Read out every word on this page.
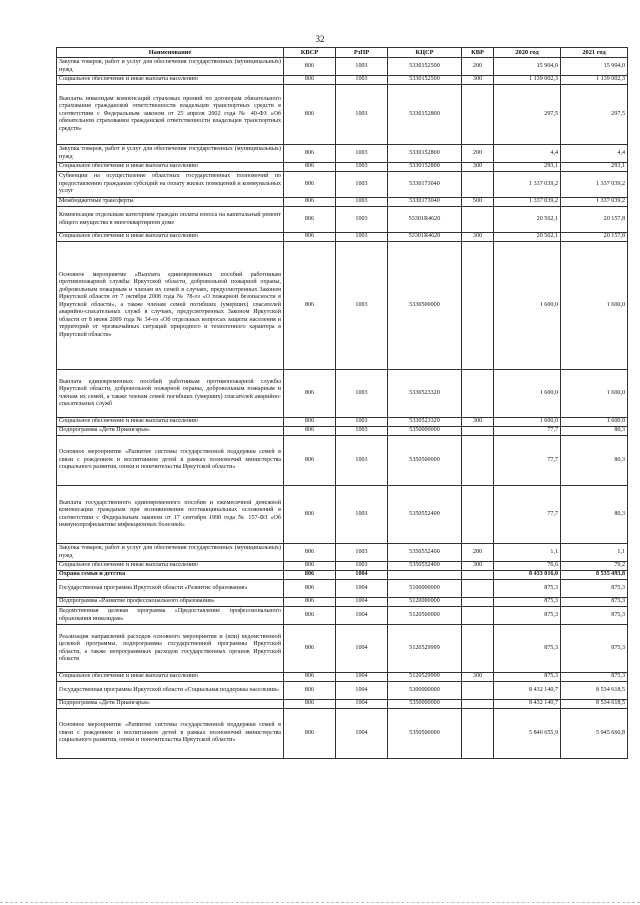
32
Наименование	КВСР	РзПР	КЦСР	КВР	2020 год	2021 год
Закупка товаров, работ и услуг для обеспечения государственных (муниципальных) нужд	806	1003	5330152500	200	15 904,0	15 904,0
Социальное обеспечение и иные выплаты населению	806	1003	5330152500	300	1 139 002,3	1 139 002,3
Выплаты инвалидам компенсаций страховых премий по договорам обязательного страхования гражданской ответственности владельцев транспортных средств в соответствии с Федеральным законом от 25 апреля 2002 года № 40-ФЗ «Об обязательном страховании гражданской ответственности владельцев транспортных средств»	806	1003	5330152800		297,5	297,5
Закупка товаров, работ и услуг для обеспечения государственных (муниципальных) нужд	806	1003	5330152800	200	4,4	4,4
Социальное обеспечение и иные выплаты населению	806	1003	5330152800	300	293,1	293,1
Субвенции на осуществление областных государственных полномочий по предоставлению гражданам субсидий на оплату жилых помещений и коммунальных услуг	806	1003	5330173040		1 337 039,2	1 337 039,2
Межбюджетные трансферты	806	1003	5330173040	500	1 337 039,2	1 337 039,2
Компенсация отдельным категориям граждан оплаты взноса на капитальный ремонт общего имущества в многоквартирном доме	806	1003	53301R4620		20 562,1	20 157,8
Социальное обеспечение и иные выплаты населению	806	1003	53301R4620	300	20 562,1	20 157,8
Основное мероприятие «Выплата единовременных пособий работникам противопожарной службы Иркутской области, добровольной пожарной охраны, добровольным пожарным и членам их семей в случаях, предусмотренных Законом Иркутской области от 7 октября 2008 года № 78-оз «О пожарной безопасности в Иркутской области», а также членам семей погибших (умерших) спасателей аварийно-спасательных служб в случаях, предусмотренных Законом Иркутской области от 8 июня 2009 года № 34-оз «Об отдельных вопросах защиты населения и территорий от чрезвычайных ситуаций природного и техногенного характера в Иркутской области»	806	1003	5330500000		1 600,0	1 600,0
Выплата единовременных пособий работникам противопожарной службы Иркутской области, добровольной пожарной охраны, добровольным пожарным и членам их семей, а также членам семей погибших (умерших) спасателей аварийно-спасательных служб	806	1003	5330523320		1 600,0	1 600,0
Социальное обеспечение и иные выплаты населению	806	1003	5330523320	300	1 600,0	1 600,0
Подпрограмма «Дети Приангарья»	806	1003	5350000000		77,7	80,3
Основное мероприятие «Развитие системы государственной поддержки семей в связи с рождением и воспитанием детей в рамках полномочий министерства социального развития, опеки и попечительства Иркутской области»	806	1003	5350500000		77,7	80,3
Выплата государственного единовременного пособия и ежемесячной денежной компенсации гражданам при возникновении поствакцинальных осложнений в соответствии с Федеральным законом от 17 сентября 1998 года № 157-ФЗ «Об иммунопрофилактике инфекционных болезней»	806	1003	5350552400		77,7	80,3
Закупка товаров, работ и услуг для обеспечения государственных (муниципальных) нужд	806	1003	5350552400	200	1,1	1,1
Социальное обеспечение и иные выплаты населению	806	1003	5350552400	300	76,6	79,2
Охрана семьи и детства	806	1004			8 433 016,0	8 535 493,8
Государственная программа Иркутской области «Развитие образования»	806	1004	5100000000		875,3	875,3
Подпрограмма «Развитие профессионального образования»	806	1004	5120000000		875,3	875,3
Ведомственная целевая программа «Предоставление профессионального образования инвалидам»	806	1004	5120500000		875,3	875,3
Реализация направлений расходов основного мероприятия и (или) ведомственной целевой программы, подпрограммы государственной программы Иркутской области, а также непрограммных расходов государственных органов Иркутской области	806	1004	5120529999		875,3	875,3
Социальное обеспечение и иные выплаты населению	806	1004	5120529999	300	875,3	875,3
Государственная программа Иркутской области «Социальная поддержка населения»	806	1004	5300000000		8 432 140,7	8 534 618,5
Подпрограмма «Дети Приангарья»	806	1004	5350000000		8 432 140,7	8 534 618,5
Основное мероприятие «Развитие системы государственной поддержки семей в связи с рождением и воспитанием детей в рамках полномочий министерства социального развития, опеки и попечительства Иркутской области»	806	1004	5350500000		5 846 655,9	5 945 666,8
